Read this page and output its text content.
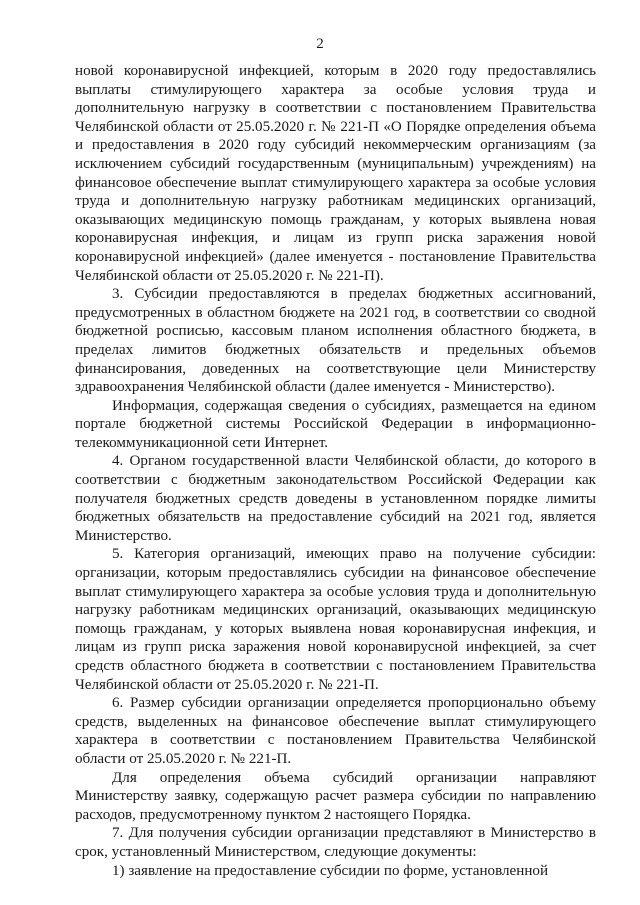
2

новой коронавирусной инфекцией, которым в 2020 году предоставлялись выплаты стимулирующего характера за особые условия труда и дополнительную нагрузку в соответствии с постановлением Правительства Челябинской области от 25.05.2020 г. № 221-П «О Порядке определения объема и предоставления в 2020 году субсидий некоммерческим организациям (за исключением субсидий государственным (муниципальным) учреждениям) на финансовое обеспечение выплат стимулирующего характера за особые условия труда и дополнительную нагрузку работникам медицинских организаций, оказывающих медицинскую помощь гражданам, у которых выявлена новая коронавирусная инфекция, и лицам из групп риска заражения новой коронавирусной инфекцией» (далее именуется - постановление Правительства Челябинской области от 25.05.2020 г. № 221-П).

3. Субсидии предоставляются в пределах бюджетных ассигнований, предусмотренных в областном бюджете на 2021 год, в соответствии со сводной бюджетной росписью, кассовым планом исполнения областного бюджета, в пределах лимитов бюджетных обязательств и предельных объемов финансирования, доведенных на соответствующие цели Министерству здравоохранения Челябинской области (далее именуется - Министерство).

Информация, содержащая сведения о субсидиях, размещается на едином портале бюджетной системы Российской Федерации в информационно-телекоммуникационной сети Интернет.

4. Органом государственной власти Челябинской области, до которого в соответствии с бюджетным законодательством Российской Федерации как получателя бюджетных средств доведены в установленном порядке лимиты бюджетных обязательств на предоставление субсидий на 2021 год, является Министерство.

5. Категория организаций, имеющих право на получение субсидии: организации, которым предоставлялись субсидии на финансовое обеспечение выплат стимулирующего характера за особые условия труда и дополнительную нагрузку работникам медицинских организаций, оказывающих медицинскую помощь гражданам, у которых выявлена новая коронавирусная инфекция, и лицам из групп риска заражения новой коронавирусной инфекцией, за счет средств областного бюджета в соответствии с постановлением Правительства Челябинской области от 25.05.2020 г. № 221-П.

6. Размер субсидии организации определяется пропорционально объему средств, выделенных на финансовое обеспечение выплат стимулирующего характера в соответствии с постановлением Правительства Челябинской области от 25.05.2020 г. № 221-П.

Для определения объема субсидий организации направляют Министерству заявку, содержащую расчет размера субсидии по направлению расходов, предусмотренному пунктом 2 настоящего Порядка.

7. Для получения субсидии организации представляют в Министерство в срок, установленный Министерством, следующие документы:

1) заявление на предоставление субсидии по форме, установленной
